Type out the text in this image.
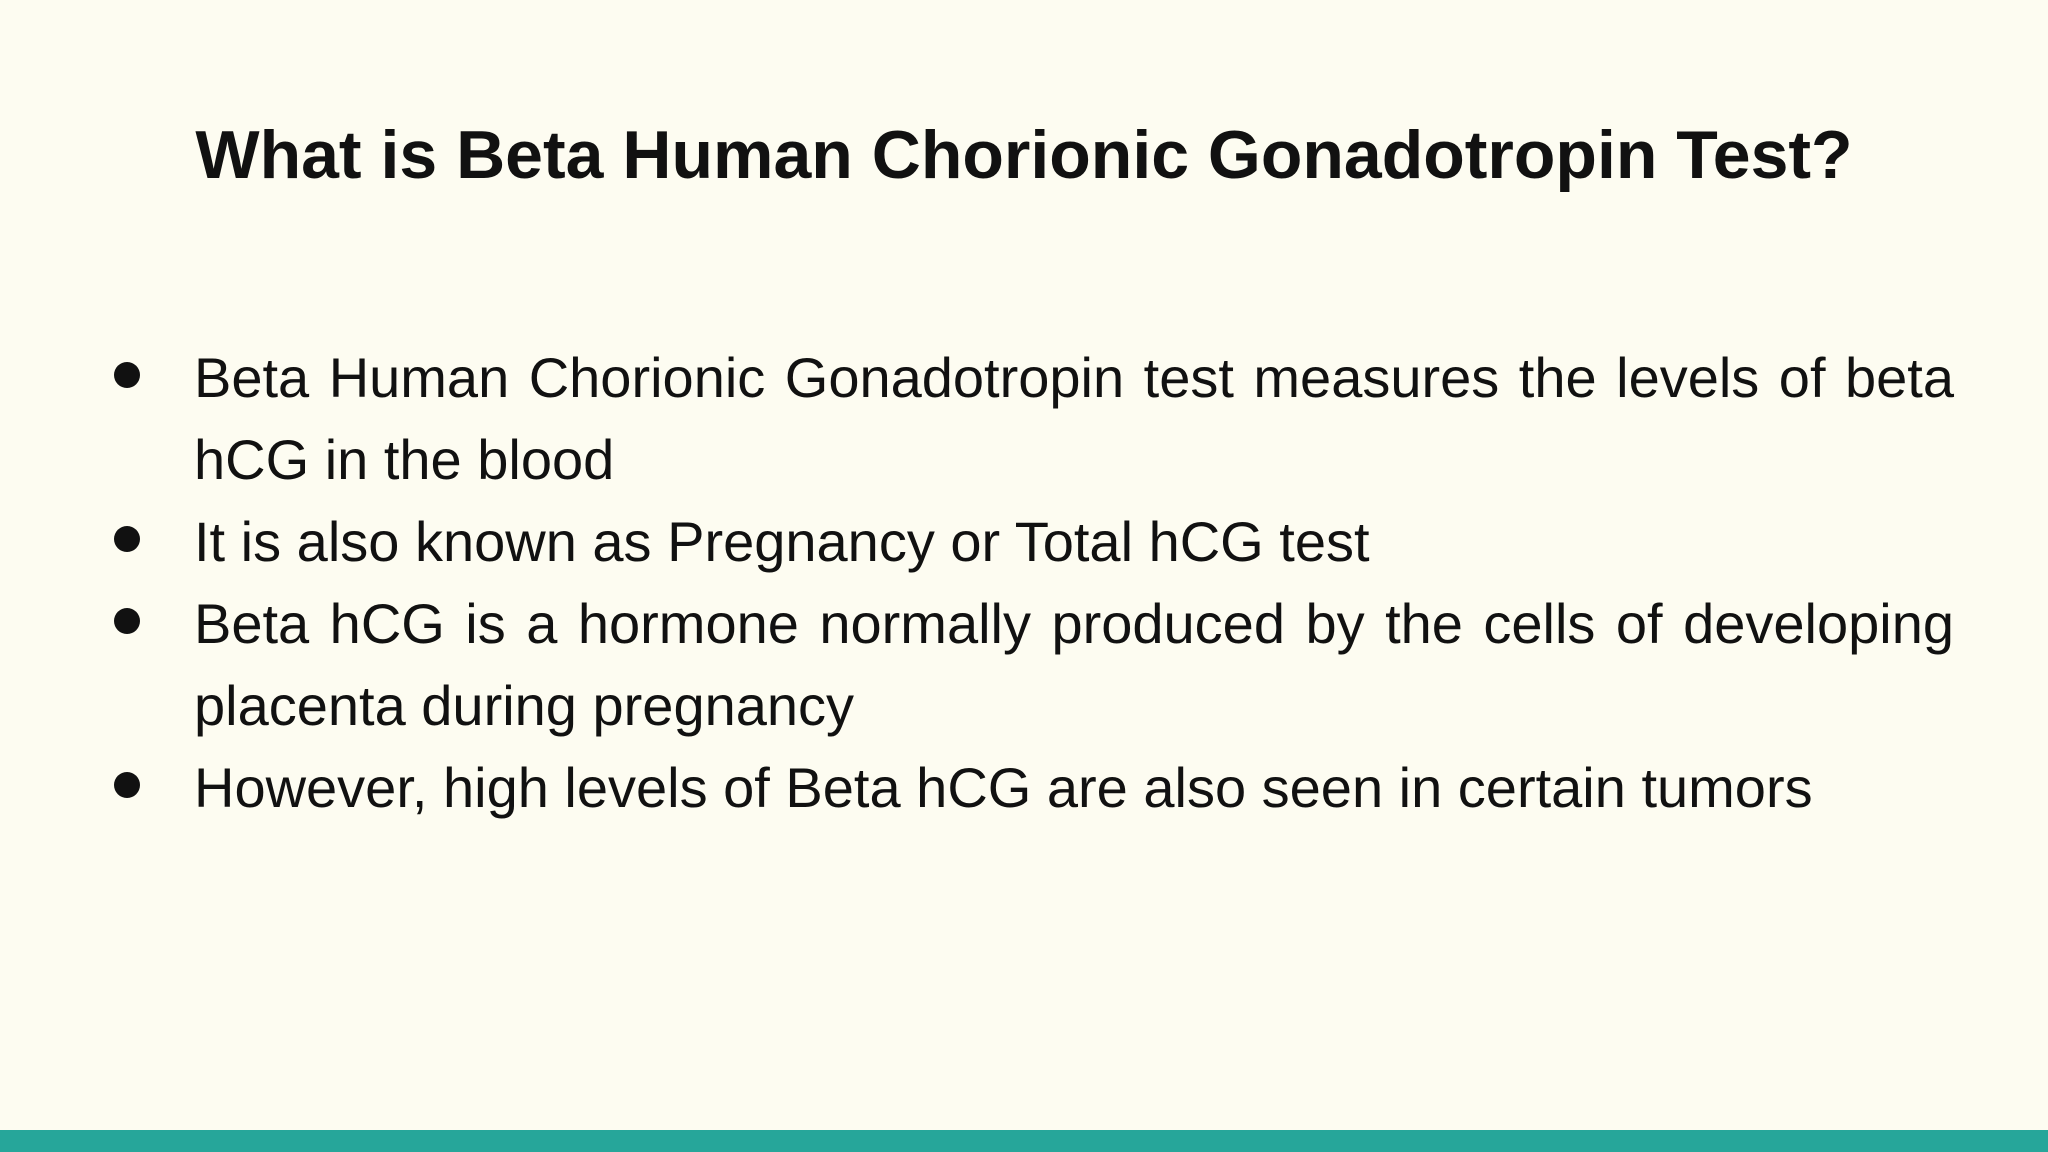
What is Beta Human Chorionic Gonadotropin Test?
Beta Human Chorionic Gonadotropin test measures the levels of beta hCG in the blood
It is also known as Pregnancy or Total hCG test
Beta hCG is a hormone normally produced by the cells of developing placenta during pregnancy
However, high levels of Beta hCG are also seen in certain tumors
